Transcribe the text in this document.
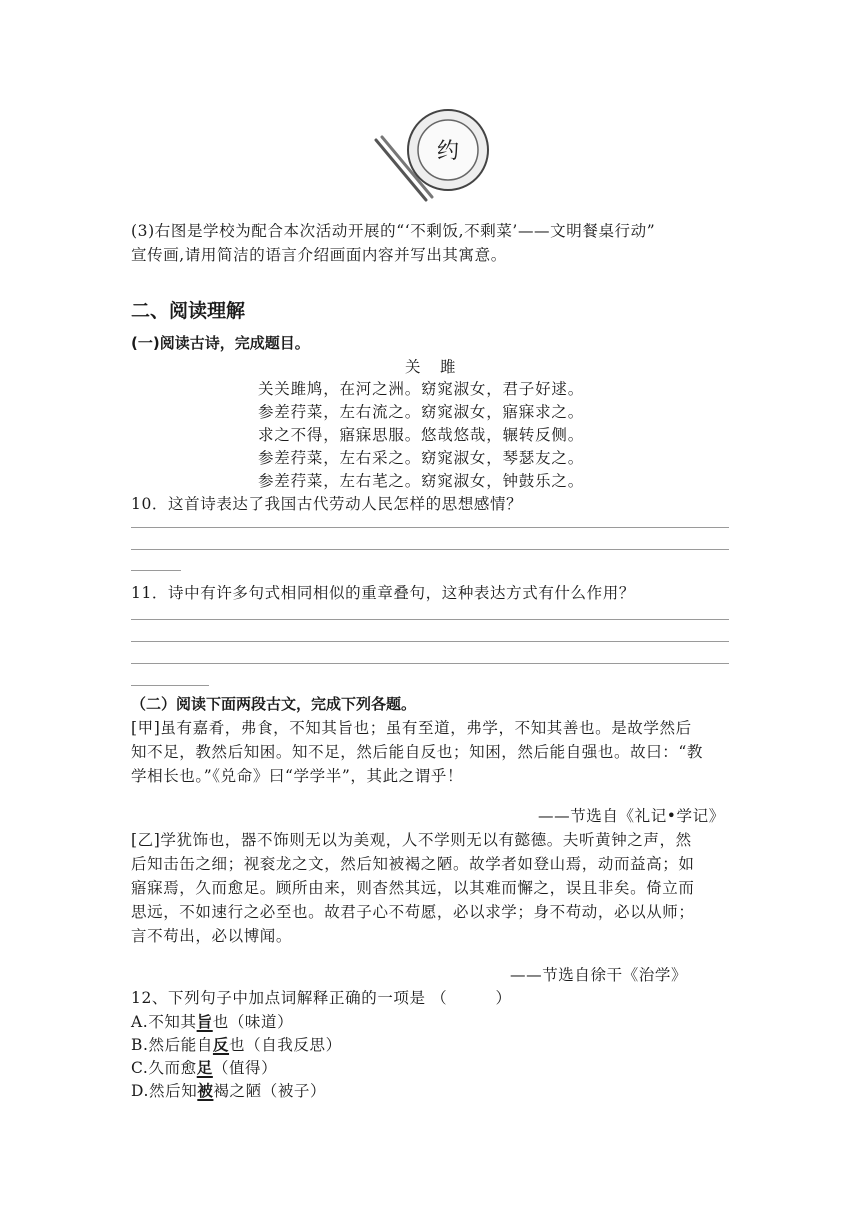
约
(3)右图是学校为配合本次活动开展的“‘不剩饭,不剩菜’——文明餐桌行动”
宣传画,请用简洁的语言介绍画面内容并写出其寓意。
二、阅读理解
(一)阅读古诗，完成题目。
关　雎
关关雎鸠，在河之洲。窈窕淑女，君子好逑。
参差荇菜，左右流之。窈窕淑女，寤寐求之。
求之不得，寤寐思服。悠哉悠哉，辗转反侧。
参差荇菜，左右采之。窈窕淑女，琴瑟友之。
参差荇菜，左右芼之。窈窕淑女，钟鼓乐之。
10．这首诗表达了我国古代劳动人民怎样的思想感情？
11．诗中有许多句式相同相似的重章叠句，这种表达方式有什么作用？
（二）阅读下面两段古文，完成下列各题。
[甲]虽有嘉肴，弗食，不知其旨也；虽有至道，弗学，不知其善也。是故学然后
知不足，教然后知困。知不足，然后能自反也；知困，然后能自强也。故曰：“教
学相长也。”《兑命》曰“学学半”，其此之谓乎！
——节选自《礼记•学记》
[乙]学犹饰也，器不饰则无以为美观，人不学则无以有懿德。夫听黄钟之声，然
后知击缶之细；视衮龙之文，然后知被褐之陋。故学者如登山焉，动而益高；如
寤寐焉，久而愈足。顾所由来，则杳然其远，以其难而懈之，误且非矣。倚立而
思远，不如速行之必至也。故君子心不苟愿，必以求学；身不苟动，必以从师；
言不苟出，必以博闻。
——节选自徐干《治学》
12、下列句子中加点词解释正确的一项是 （　　　）
A.不知其旨也（味道）
B.然后能自反也（自我反思）
C.久而愈足（值得）
D.然后知被褐之陋（被子）
